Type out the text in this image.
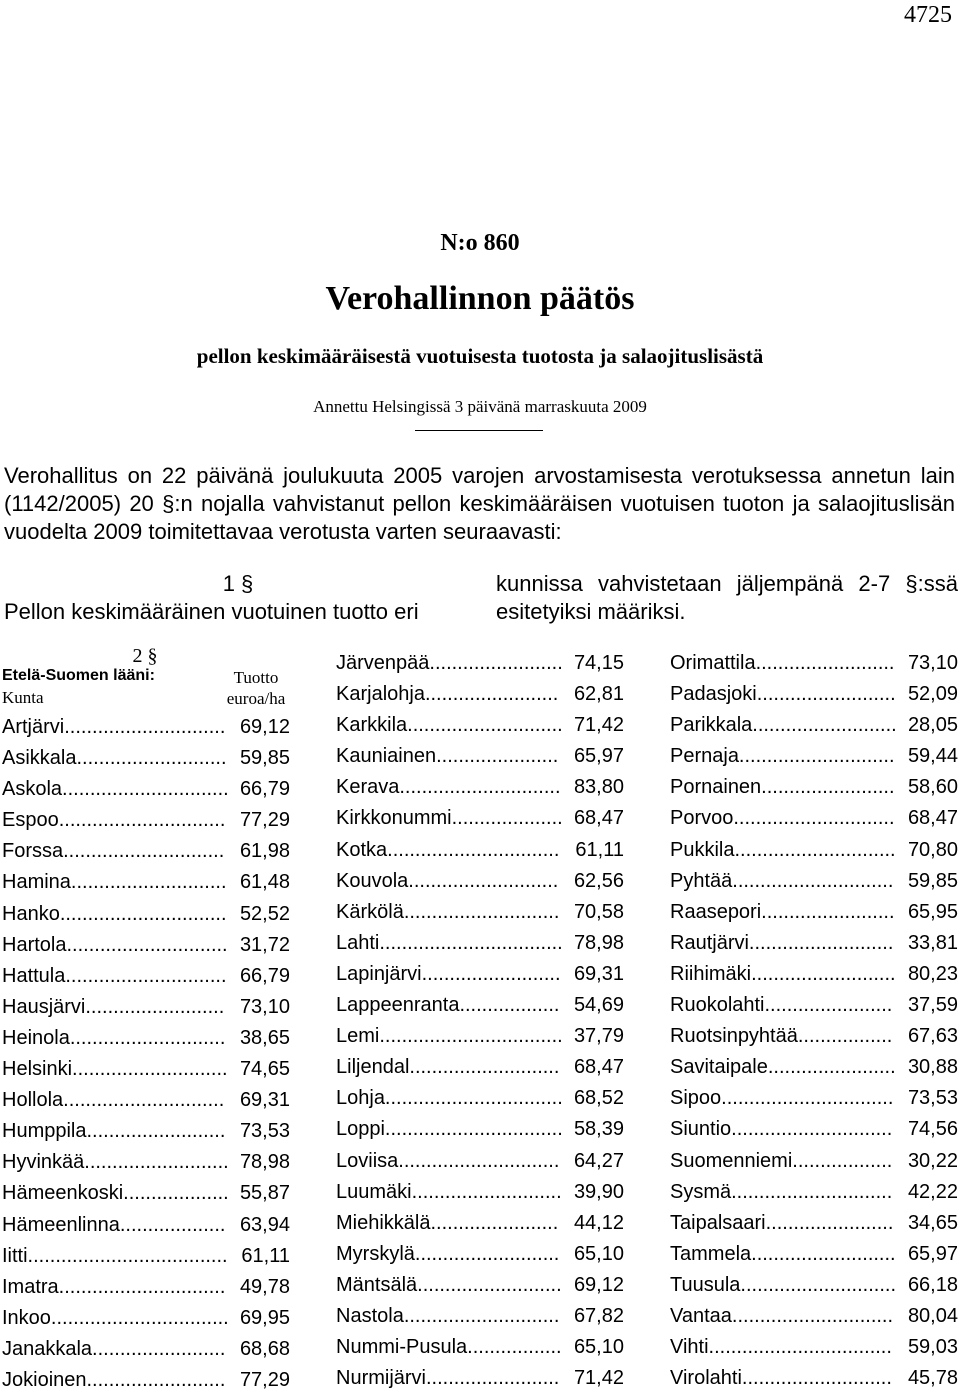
4725
N:o 860
Verohallinnon päätös
pellon keskimääräisestä vuotuisesta tuotosta ja salaojituslisästä
Annettu Helsingissä 3 päivänä marraskuuta 2009
Verohallitus on 22 päivänä joulukuuta 2005 varojen arvostamisesta verotuksessa annetun lain (1142/2005) 20 §:n nojalla vahvistanut pellon keskimääräisen vuotuisen tuoton ja salaojituslisän vuodelta 2009 toimitettavaa verotusta varten seuraavasti:
1 §
Pellon keskimääräinen vuotuinen tuotto eri
kunnissa vahvistetaan jäljempänä 2-7 §:ssä esitetyiksi määriksi.
2 §
Etelä-Suomen lääni:
Kunta
Tuotto euroa/ha
Artjärvi............................. 69,12
Asikkala........................... 59,85
Askola.............................. 66,79
Espoo.............................. 77,29
Forssa............................. 61,98
Hamina............................ 61,48
Hanko.............................. 52,52
Hartola............................. 31,72
Hattula............................. 66,79
Hausjärvi......................... 73,10
Heinola............................ 38,65
Helsinki............................ 74,65
Hollola............................. 69,31
Humppila......................... 73,53
Hyvinkää.......................... 78,98
Hämeenkoski................... 55,87
Hämeenlinna................... 63,94
Iitti.................................... 61,11
Imatra.............................. 49,78
Inkoo................................ 69,95
Janakkala........................ 68,68
Jokioinen......................... 77,29
Järvenpää........................ 74,15
Karjalohja........................ 62,81
Karkkila............................ 71,42
Kauniainen...................... 65,97
Kerava............................. 83,80
Kirkkonummi.................... 68,47
Kotka............................... 61,11
Kouvola........................... 62,56
Kärkölä............................ 70,58
Lahti................................. 78,98
Lapinjärvi......................... 69,31
Lappeenranta.................. 54,69
Lemi................................. 37,79
Liljendal........................... 68,47
Lohja................................ 68,52
Loppi................................ 58,39
Loviisa............................. 64,27
Luumäki........................... 39,90
Miehikkälä....................... 44,12
Myrskylä.......................... 65,10
Mäntsälä.......................... 69,12
Nastola............................ 67,82
Nummi-Pusula................. 65,10
Nurmijärvi........................ 71,42
Orimattila......................... 73,10
Padasjoki......................... 52,09
Parikkala.......................... 28,05
Pernaja............................ 59,44
Pornainen........................ 58,60
Porvoo............................. 68,47
Pukkila............................. 70,80
Pyhtää............................. 59,85
Raasepori........................ 65,95
Rautjärvi.......................... 33,81
Riihimäki.......................... 80,23
Ruokolahti....................... 37,59
Ruotsinpyhtää................. 67,63
Savitaipale....................... 30,88
Sipoo............................... 73,53
Siuntio............................. 74,56
Suomenniemi.................. 30,22
Sysmä............................. 42,22
Taipalsaari....................... 34,65
Tammela.......................... 65,97
Tuusula............................ 66,18
Vantaa............................. 80,04
Vihti................................. 59,03
Virolahti........................... 45,78
